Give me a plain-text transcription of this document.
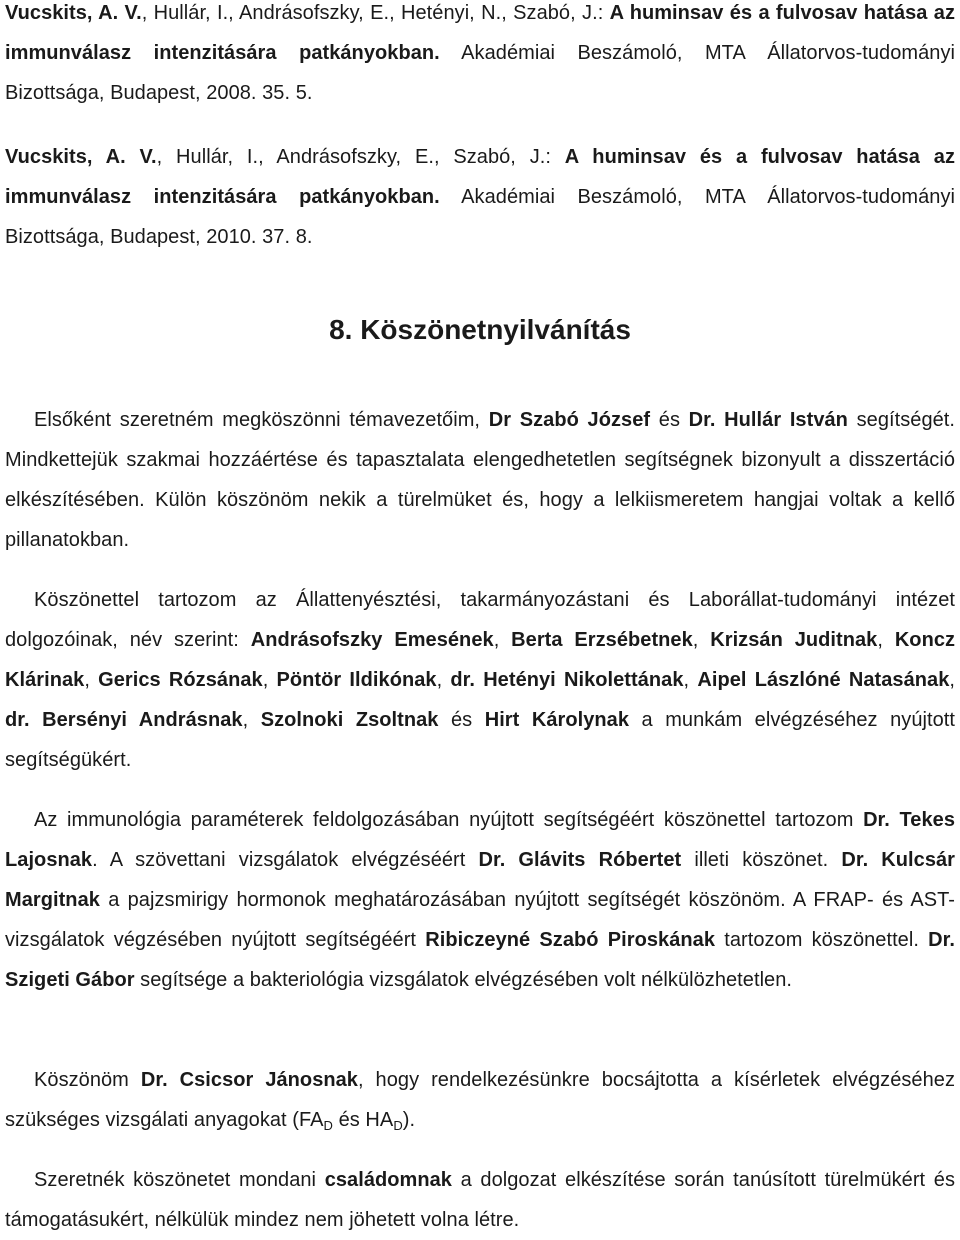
Vucskits, A. V., Hullár, I., Andrásofszky, E., Hetényi, N., Szabó, J.: A huminsav és a fulvosav hatása az immunválasz intenzitására patkányokban. Akadémiai Beszámoló, MTA Állatorvos-tudományi Bizottsága, Budapest, 2008. 35. 5.

Vucskits, A. V., Hullár, I., Andrásofszky, E., Szabó, J.: A huminsav és a fulvosav hatása az immunválasz intenzitására patkányokban. Akadémiai Beszámoló, MTA Állatorvos-tudományi Bizottsága, Budapest, 2010. 37. 8.

8. Köszönetnyilvánítás

Elsőként szeretném megköszönni témavezetőim, Dr Szabó József és Dr. Hullár István segítségét. Mindkettejük szakmai hozzáértése és tapasztalata elengedhetetlen segítségnek bizonyult a disszertáció elkészítésében. Külön köszönöm nekik a türelmüket és, hogy a lelkiismeretem hangjai voltak a kellő pillanatokban.

Köszönettel tartozom az Állattenyésztési, takarmányozástani és Laborállat-tudományi intézet dolgozóinak, név szerint: Andrásofszky Emesének, Berta Erzsébetnek, Krizsán Juditnak, Koncz Klárinak, Gerics Rózsának, Pöntör Ildikónak, dr. Hetényi Nikolettának, Aipel Lászlóné Natasának, dr. Bersényi Andrásnak, Szolnoki Zsoltnak és Hirt Károlynak a munkám elvégzéséhez nyújtott segítségükért.

Az immunológia paraméterek feldolgozásában nyújtott segítségéért köszönettel tartozom Dr. Tekes Lajosnak. A szövettani vizsgálatok elvégzéséért Dr. Glávits Róbertet illeti köszönet. Dr. Kulcsár Margitnak a pajzsmirigy hormonok meghatározásában nyújtott segítségét köszönöm. A FRAP- és AST-vizsgálatok végzésében nyújtott segítségéért Ribiczeyné Szabó Piroskának tartozom köszönettel. Dr. Szigeti Gábor segítsége a bakteriológia vizsgálatok elvégzésében volt nélkülözhetetlen.

Köszönöm Dr. Csicsor Jánosnak, hogy rendelkezésünkre bocsájtotta a kísérletek elvégzéséhez szükséges vizsgálati anyagokat ($FA_D$ és $HA_D$).

Szeretnék köszönetet mondani családomnak a dolgozat elkészítése során tanúsított türelmükért és támogatásukért, nélkülük mindez nem jöhetett volna létre.
